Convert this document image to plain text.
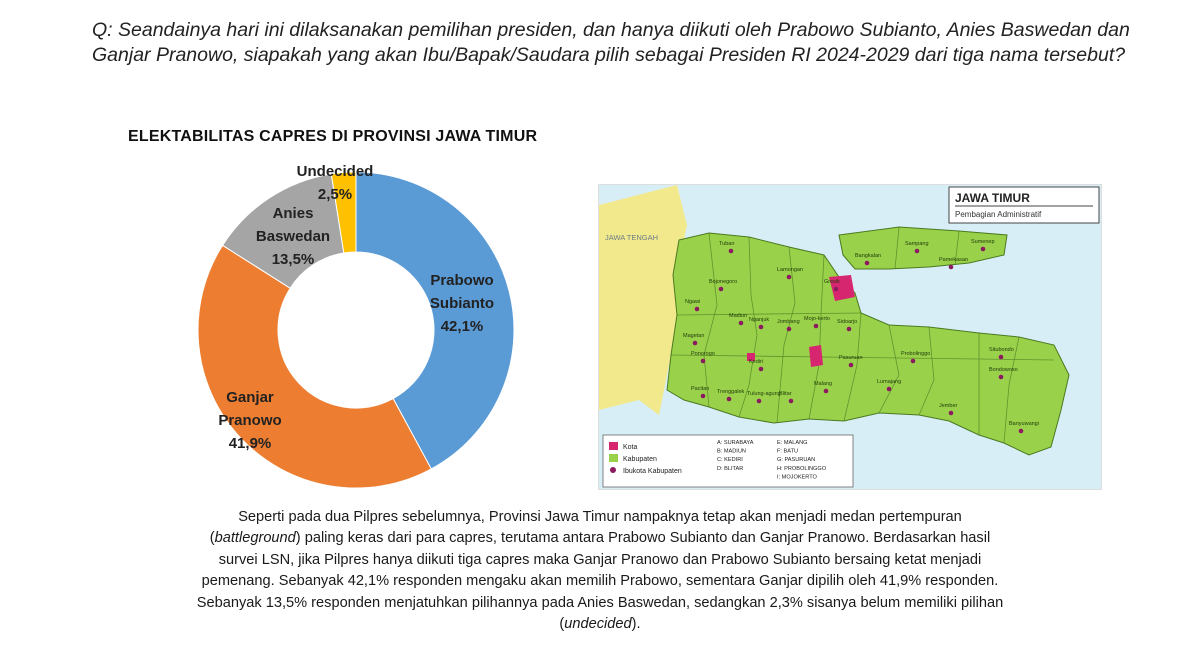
Q: Seandainya hari ini dilaksanakan pemilihan presiden, dan hanya diikuti oleh Prabowo Subianto, Anies Baswedan dan Ganjar Pranowo, siapakah yang akan Ibu/Bapak/Saudara pilih sebagai Presiden RI 2024-2029 dari tiga nama tersebut?
ELEKTABILITAS CAPRES DI PROVINSI JAWA TIMUR
Prabowo Subianto 42,1%
Ganjar Pranowo 41,9%
Anies Baswedan 13,5%
Undecided 2,5%
Tuban
Lamongan
Gresik
Bojonegoro
Ngawi
Madiun
Nganjuk Jombang Mojo-kerto Sidoarjo
Magetan
Ponorogo
Kediri
Pasuruan
Probolinggo
Situbondo
Bondowoso
Malang	Lumajang
Jember
Banyuwangi
Pacitan Trenggalek Tulung-agung
Blitar
Sampang	Sumenep
Bangkalan
Pamekasan
JAWA TENGAH
JAWA TIMUR
Pembagian Administratif
Kota
Kabupaten
Ibukota Kabupaten
A: SURABAYA
B: MADIUN
C: KEDIRI
D: BLITAR
E: MALANG
F: BATU
G: PASURUAN
H: PROBOLINGGO
I: MOJOKERTO
Seperti pada dua Pilpres sebelumnya, Provinsi Jawa Timur nampaknya tetap akan menjadi medan pertempuran
(battleground) paling keras dari para capres, terutama antara Prabowo Subianto dan Ganjar Pranowo. Berdasarkan hasil
survei LSN, jika Pilpres hanya diikuti tiga capres maka Ganjar Pranowo dan Prabowo Subianto bersaing ketat menjadi
pemenang. Sebanyak 42,1% responden mengaku akan memilih Prabowo, sementara Ganjar dipilih oleh 41,9% responden.
Sebanyak 13,5% responden menjatuhkan pilihannya pada Anies Baswedan, sedangkan 2,3% sisanya belum memiliki pilihan
(undecided).
